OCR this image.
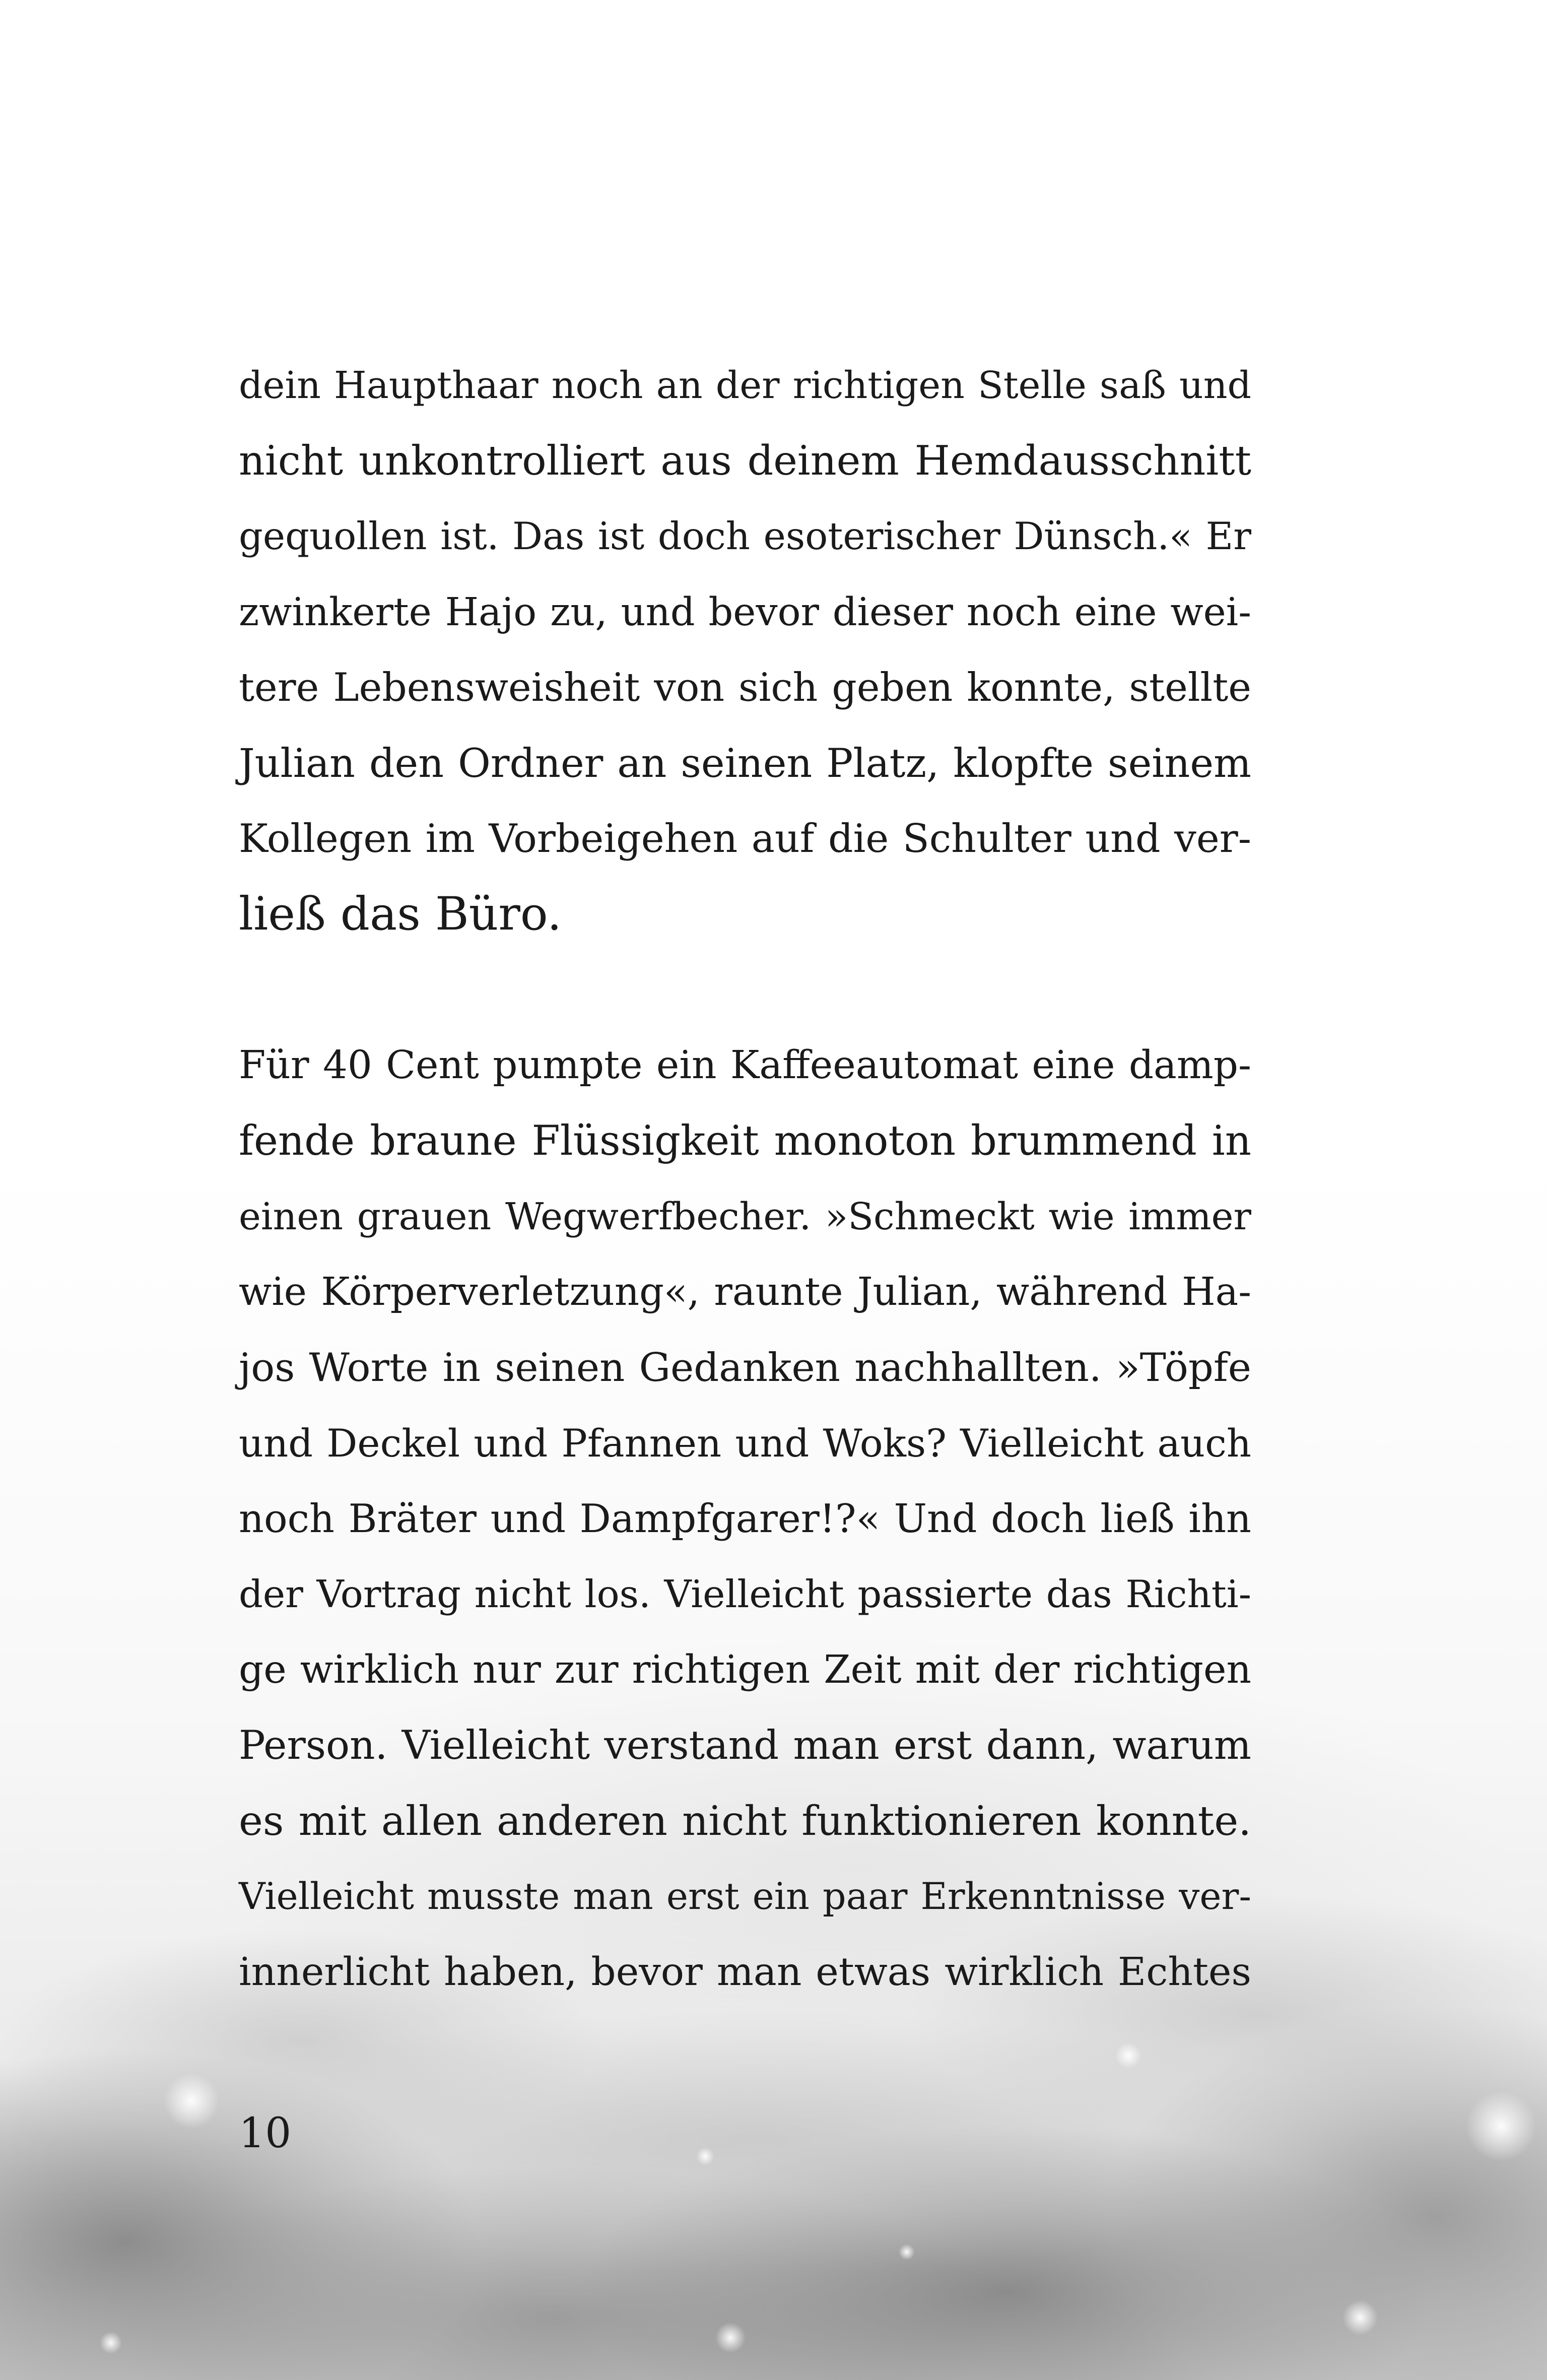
dein Haupthaar noch an der richtigen Stelle saß und
nicht unkontrolliert aus deinem Hemdausschnitt
gequollen ist. Das ist doch esoterischer Dünsch.« Er
zwinkerte Hajo zu, und bevor dieser noch eine wei-
tere Lebensweisheit von sich geben konnte, stellte
Julian den Ordner an seinen Platz, klopfte seinem
Kollegen im Vorbeigehen auf die Schulter und ver-
ließ das Büro.
Für 40 Cent pumpte ein Kaffeeautomat eine damp-
fende braune Flüssigkeit monoton brummend in
einen grauen Wegwerfbecher. »Schmeckt wie immer
wie Körperverletzung«, raunte Julian, während Ha-
jos Worte in seinen Gedanken nachhallten. »Töpfe
und Deckel und Pfannen und Woks? Vielleicht auch
noch Bräter und Dampfgarer!?« Und doch ließ ihn
der Vortrag nicht los. Vielleicht passierte das Richti-
ge wirklich nur zur richtigen Zeit mit der richtigen
Person. Vielleicht verstand man erst dann, warum
es mit allen anderen nicht funktionieren konnte.
Vielleicht musste man erst ein paar Erkenntnisse ver-
innerlicht haben, bevor man etwas wirklich Echtes
10
